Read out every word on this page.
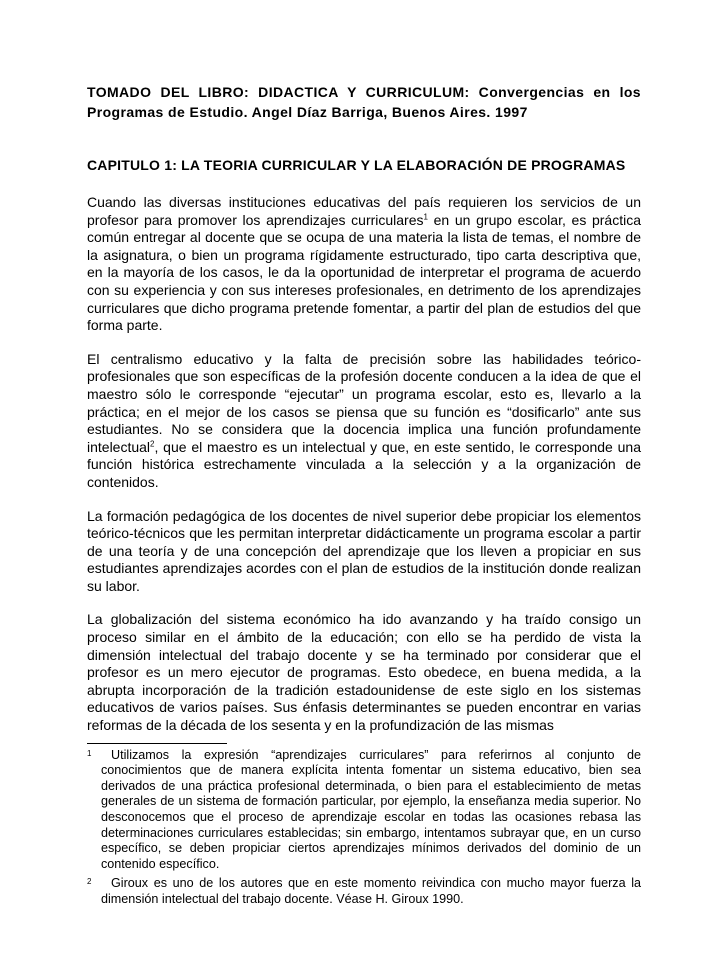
TOMADO DEL LIBRO: DIDACTICA Y CURRICULUM: Convergencias en los Programas de Estudio. Angel Díaz Barriga, Buenos Aires. 1997

CAPITULO 1: LA TEORIA CURRICULAR Y LA ELABORACIÓN DE PROGRAMAS

Cuando las diversas instituciones educativas del país requieren los servicios de un profesor para promover los aprendizajes curriculares$^1$ en un grupo escolar, es práctica común entregar al docente que se ocupa de una materia la lista de temas, el nombre de la asignatura, o bien un programa rígidamente estructurado, tipo carta descriptiva que, en la mayoría de los casos, le da la oportunidad de interpretar el programa de acuerdo con su experiencia y con sus intereses profesionales, en detrimento de los aprendizajes curriculares que dicho programa pretende fomentar, a partir del plan de estudios del que forma parte.

El centralismo educativo y la falta de precisión sobre las habilidades teórico-profesionales que son específicas de la profesión docente conducen a la idea de que el maestro sólo le corresponde “ejecutar” un programa escolar, esto es, llevarlo a la práctica; en el mejor de los casos se piensa que su función es “dosificarlo” ante sus estudiantes. No se considera que la docencia implica una función profundamente intelectual$^2$, que el maestro es un intelectual y que, en este sentido, le corresponde una función histórica estrechamente vinculada a la selección y a la organización de contenidos.

La formación pedagógica de los docentes de nivel superior debe propiciar los elementos teórico-técnicos que les permitan interpretar didácticamente un programa escolar a partir de una teoría y de una concepción del aprendizaje que los lleven a propiciar en sus estudiantes aprendizajes acordes con el plan de estudios de la institución donde realizan su labor.

La globalización del sistema económico ha ido avanzando y ha traído consigo un proceso similar en el ámbito de la educación; con ello se ha perdido de vista la dimensión intelectual del trabajo docente y se ha terminado por considerar que el profesor es un mero ejecutor de programas. Esto obedece, en buena medida, a la abrupta incorporación de la tradición estadounidense de este siglo en los sistemas educativos de varios países. Sus énfasis determinantes se pueden encontrar en varias reformas de la década de los sesenta y en la profundización de las mismas

1 Utilizamos la expresión “aprendizajes curriculares” para referirnos al conjunto de conocimientos que de manera explícita intenta fomentar un sistema educativo, bien sea derivados de una práctica profesional determinada, o bien para el establecimiento de metas generales de un sistema de formación particular, por ejemplo, la enseñanza media superior. No desconocemos que el proceso de aprendizaje escolar en todas las ocasiones rebasa las determinaciones curriculares establecidas; sin embargo, intentamos subrayar que, en un curso específico, se deben propiciar ciertos aprendizajes mínimos derivados del dominio de un contenido específico.

2 Giroux es uno de los autores que en este momento reivindica con mucho mayor fuerza la dimensión intelectual del trabajo docente. Véase H. Giroux 1990.
